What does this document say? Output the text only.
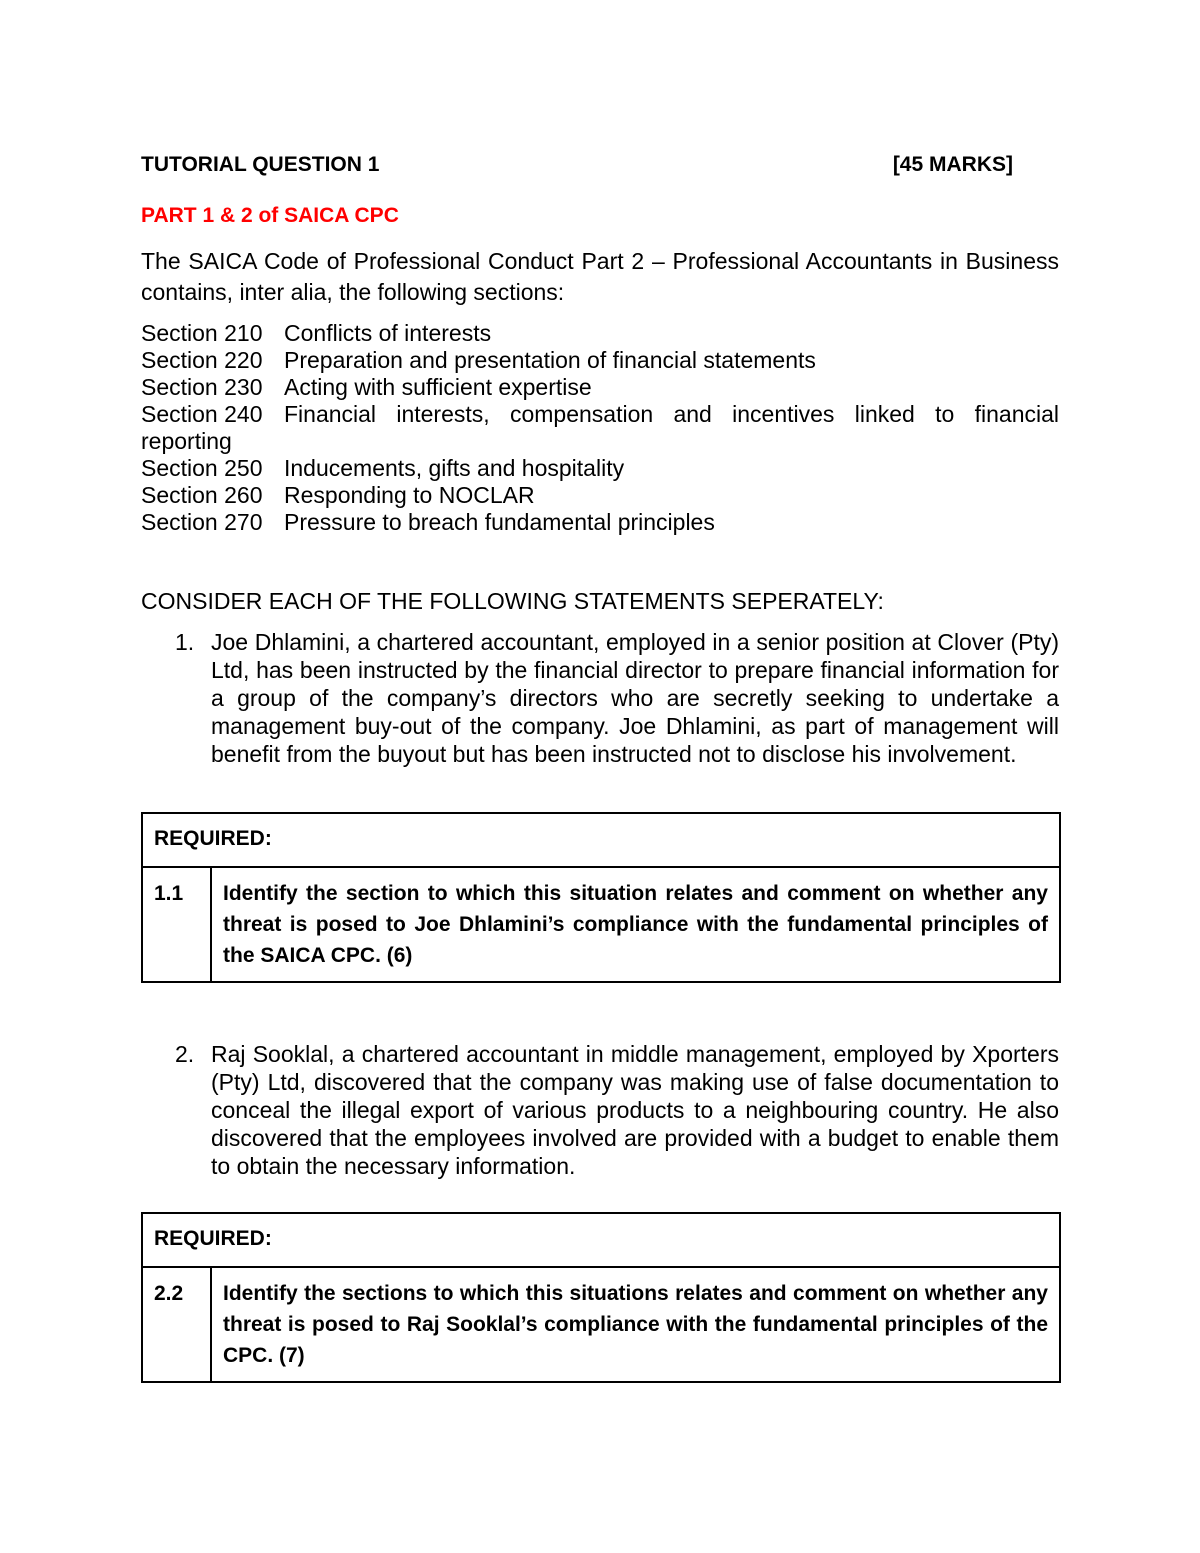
TUTORIAL QUESTION 1	[45 MARKS]
PART 1 & 2 of SAICA CPC
The SAICA Code of Professional Conduct Part 2 – Professional Accountants in Business contains, inter alia, the following sections:
Section 210 Conflicts of interests
Section 220 Preparation and presentation of financial statements
Section 230 Acting with sufficient expertise
Section 240 Financial interests, compensation and incentives linked to financial
reporting
Section 250 Inducements, gifts and hospitality
Section 260 Responding to NOCLAR
Section 270 Pressure to breach fundamental principles
CONSIDER EACH OF THE FOLLOWING STATEMENTS SEPERATELY:
1. Joe Dhlamini, a chartered accountant, employed in a senior position at Clover (Pty) Ltd, has been instructed by the financial director to prepare financial information for a group of the company’s directors who are secretly seeking to undertake a management buy-out of the company. Joe Dhlamini, as part of management will benefit from the buyout but has been instructed not to disclose his involvement.
REQUIRED:
1.1	Identify the section to which this situation relates and comment on whether any threat is posed to Joe Dhlamini’s compliance with the fundamental principles of the SAICA CPC. (6)
2. Raj Sooklal, a chartered accountant in middle management, employed by Xporters (Pty) Ltd, discovered that the company was making use of false documentation to conceal the illegal export of various products to a neighbouring country. He also discovered that the employees involved are provided with a budget to enable them to obtain the necessary information.
REQUIRED:
2.2	Identify the sections to which this situations relates and comment on whether any threat is posed to Raj Sooklal’s compliance with the fundamental principles of the CPC. (7)
